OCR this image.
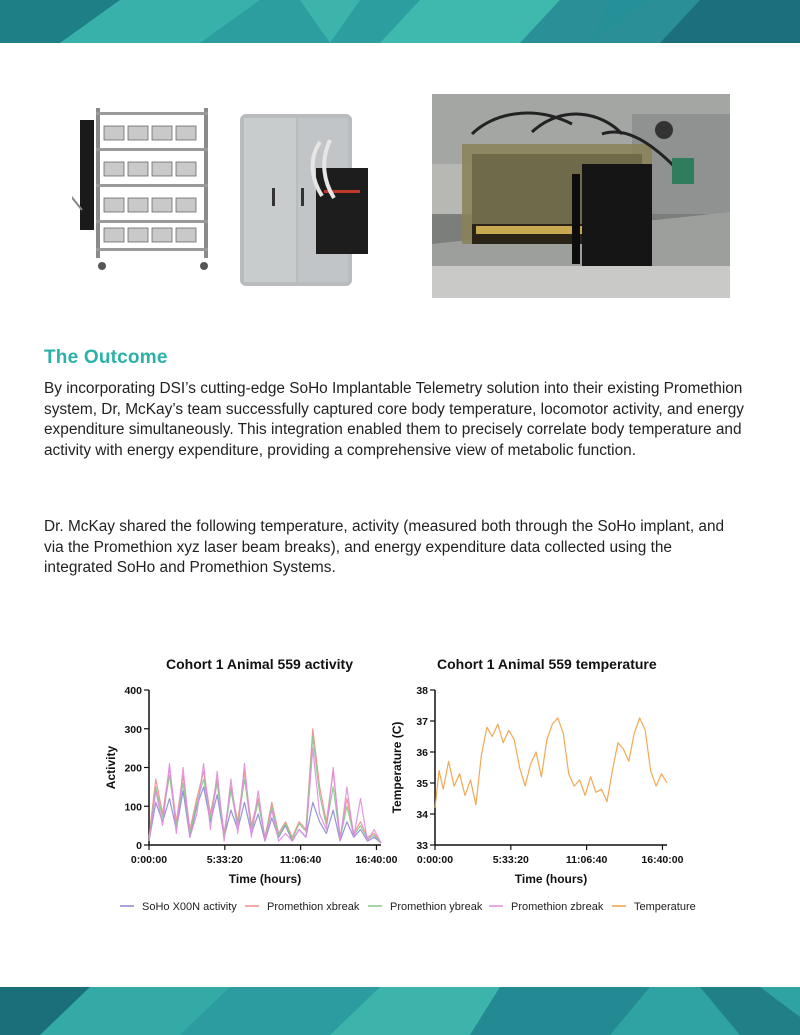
The Outcome

By incorporating DSI’s cutting-edge SoHo Implantable Telemetry solution into their existing Promethion system, Dr, McKay’s team successfully captured core body temperature, locomotor activity, and energy expenditure simultaneously. This integration enabled them to precisely correlate body temperature and activity with energy expenditure, providing a comprehensive view of metabolic function.

Dr. McKay shared the following temperature, activity (measured both through the SoHo implant, and via the Promethion xyz laser beam breaks), and energy expenditure data collected using the integrated SoHo and Promethion Systems.

Cohort 1 Animal 559 activity	Cohort 1 Animal 559 temperature
0
100
200
300
400
0:00:00	5:33:20	11:06:40	16:40:00
Time (hours)
Activity
33
34
35
36
37
38
0:00:00	5:33:20	11:06:40	16:40:00
Time (hours)
Temperature (C)
SoHo X00N activity	Promethion xbreak	Promethion ybreak	Promethion zbreak	Temperature
